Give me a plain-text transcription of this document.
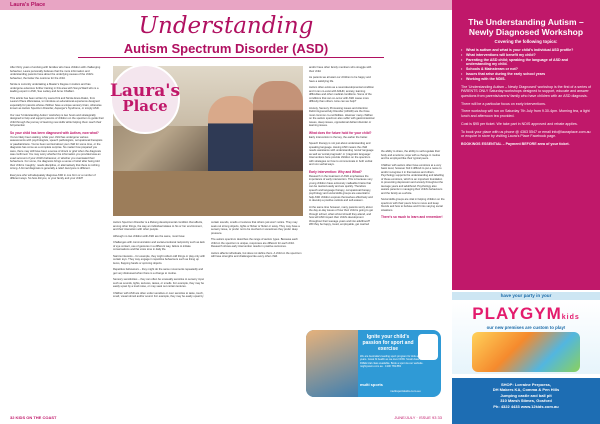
Laura's Place
Understanding
Autism Spectrum Disorder (ASD)
Laura's
Place

After thirty years of working with families who have children with challenging behaviour, Laura personally believes that the more information and understanding parents have about the underlying causes of the child's behaviour, the better the outcome for the child.

Nicole is currently undertaking a Master's Degree in Autism and has undergone extensive further training in this area with Sonya Ward who is a leading expert in ASD, Sue Larkey and Anne Chalfant.

This article has been written by Laura Kirk and Nicole Enos-Dalen, from Laura's Place Wanniassa, to introduce an educational experience designed especially for parents whose children have a unique sensory brain, otherwise known as Autism Spectrum Disorder, Asperger's Syndrome, or simply ASD.

Our new 'Understanding Autism' workshop is two hours and strategically designed to help and support parents of children on the spectrum to guide their child through the journey of learning new skills while helping them reach their full potential.

So your child has been diagnosed with Autism, now what?

You've likely been waiting, while your child has undergone various assessments with psychologists, speech pathologists, occupational therapists or paediatricians. You've been worried about your child for some time, or the diagnosis has come as a complete surprise. No matter how prepared you were, there may still have been a sense of shock or grief when the diagnosis was confirmed. You may worry whether the information you provided was an exact account of your child's behaviour, or whether you overstated their behaviours. For some, the diagnosis brings a sense of relief after being told their child is 'naughty', needs discipline, or alternatively that there is nothing wrong. A formal diagnosis is generally a relief. Everyone is different.

Everyone who will adequately diagnose ASD in one form or a number of different ways. So how did you, or your family and your child?

Autism Spectrum Disorder is a lifelong developmental condition that affects, among other things, the way an individual relates to his or her environment, and their interaction with other people.

Although no two children with ASD are the same, most have:

Challenges with communication and social-emotional reciprocity such as lack of eye contact, use of gestures in a different way, failure to initiate conversations and flat voice tone in daily life.

Narrow interests – for example, they might collect odd things or play only with certain toys. They may engage in repetitive behaviours such as lining up items, flapping hands or spinning objects.

Repetitive behaviours – they might do the same movements repeatedly and get very distressed when there is a change to routine.

Sensory sensitivities – they can often be unusually sensitive to sensory input such as sounds, lights, textures, tastes, or smells. For example, they may be easily upset by a loud noise, or may seek out certain textures.

Children with ASD are often under sensitive or over sensitive to taste, touch, smell, visual stimuli and/or sound. For example, they may be easily upset by

certain sounds, smells or textures that others just won't notice. They may seek out strong objects, lights or flicker or flutter or sway. They may have a sensory issue, or prefer not to be touched or sometimes they prefer deep pressure.

The autism spectrum describes the range of autism types. Because each child on the spectrum is unique, responses are different for each child. Research shows early intervention results in positive outcomes.

Autism affects individuals, but does not define them. A child on the spectrum will have strengths and challenges like every other child.

and/or have other family members who struggle with their child.

As parents we all want our children to be happy and have a satisfying life.

Autism often exists as a neurodevelopmental condition and it can co-exist with ADHD, anxiety, learning difficulties and other medical conditions. Some of the conditions that can co-occur with ASD cause more difficulty than others. How can we help?

Anxiety, Sensory Processing issues and Attention Deficit Hyperactivity Disorder (ADHD) are the three most common co-morbidities. However many children on the autism spectrum also suffer with gastrointestinal issues, sleep issues, oppositional defiant disorder or learning issues.

What does the future hold for your child?

Early intervention is the key, the earlier the better.

Speech therapy is not just about understanding and speaking language. Having ASD means the child needs assistance with understanding 'social' language as well as 'social pragmatic' or 'pragmatic language'. Interventions here provide children on the spectrum with strategies on how to communicate in both verbal and non-verbal ways.

Early intervention: Why and What?

Research in the treatment of ASD emphasises the importance of early intervention. This is because very young children have extremely malleable brains that can be rewired easily and are quickly. Therefore speech and language therapy, occupational therapy, psychology and social skills groups are essential to help ASD children express themselves effectively and to develop a positive outlook and self-esteem.

At the same time however, many parents worry about the day-to-day issues of how their child is going to get through school, what school should they attend, and how will ASD impact their child's development throughout their teenage years and into adulthood? Will they be happy, loved, employable, get married

the ability to share, the ability to self-regulate their body and emotions; cope with a change in routine and be employed like their typical peers.

Children with autism often have emotions at a very basic level, however find it difficult to put a name to and/or recognise it in themselves and others. Psychology supports the understanding and labelling of these emotions, which is an important foundation to preventing depression and anxiety throughout the teenage years and adulthood. Psychology also assists parents in managing their child's behaviours and the family as a whole.

Social skills groups are vital in helping children on the spectrum with their peers how to move and keep friends and how to behave and fit into varying social situations.

There's so much to learn and remember!
Ignite your child's passion for sport and exercise
We are Australia's leading sport program for kids aged 3-7 years. Great fit health as we love NOW. Small class sizes. FREE trial class available. Book a spot via our website.
mightyswim.com.au · 1300 769 883
multi sports
multisportskids.com.au
32 KIDS ON THE COAST	JUNE/JULY · ISSUE 93 33
The Understanding Autism – Newly Diagnosed Workshop
Covering the following topics:
• What is autism and what is your child's individual ASD profile?
• What interventions will benefit my child?
• Parenting the ASD child; speaking the language of ASD and understanding my child.
• Schools & Mainstream or not?
• Issues that arise during the early school years
• Working with the NDIS.
The 'Understanding Autism – Newly Diagnosed' workshop is the first of a series of PARENTS ONLY Saturday workshops designed to support, educate and answer questions from parents/carers/ family who have children with an ASD diagnosis.
There will be a particular focus on early interventions.
There workshop will run on Saturday 7th July from 9.30-4pm. Morning tea, a light lunch and afternoon tea provided.
Cost is $95 per ticket. We take part in NDIS approved and rebate applies.
To book your place with us phone @ 4363 5547 or email info@lauraplace.com.au or enquire in store by visiting Laura's Place Facebook page.
BOOKINGS ESSENTIAL – Payment BEFORE area of your ticket.
have your party in your
PLAYGYMkids
our new premises are custom to play!
SHOP: Lorraine Perpoess,
DH Makers KA, Comma & Pen Hills
Jumping castle and ball pit
310 Marsh Stimes, Gosford
Ph: 4322 4433 www.12kids.com.au
